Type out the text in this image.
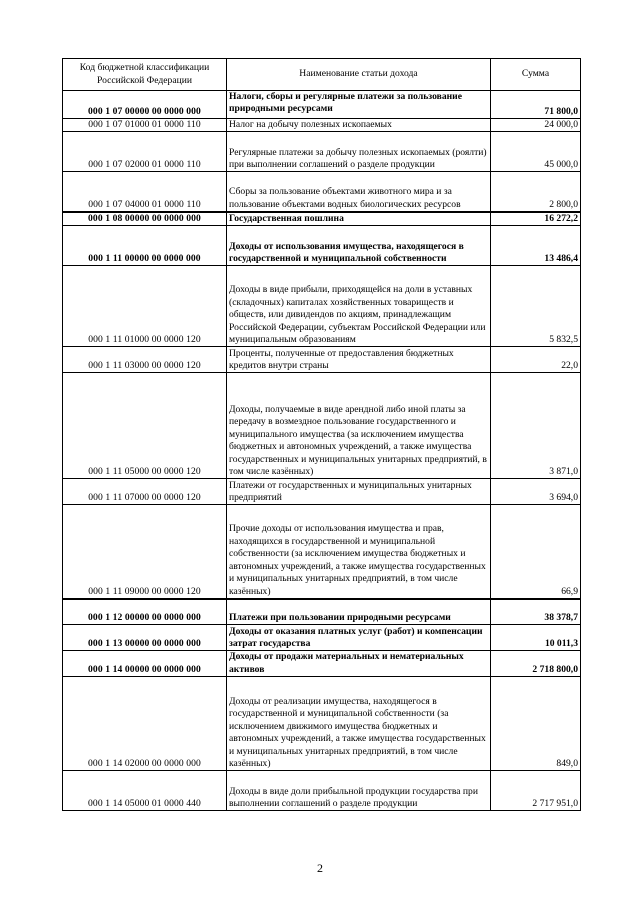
Код бюджетной классификации Российской Федерации	Наименование статьи дохода	Сумма
000 1 07 00000 00 0000 000	Налоги, сборы и регулярные платежи за пользование природными ресурсами	71 800,0
000 1 07 01000 01 0000 110	Налог на добычу полезных ископаемых	24 000,0
000 1 07 02000 01 0000 110	Регулярные платежи за добычу полезных ископаемых (роялти) при выполнении соглашений о разделе продукции	45 000,0
000 1 07 04000 01 0000 110	Сборы за пользование объектами животного мира и за пользование объектами водных биологических ресурсов	2 800,0
000 1 08 00000 00 0000 000	Государственная пошлина	16 272,2
000 1 11 00000 00 0000 000	Доходы от использования имущества, находящегося в государственной и муниципальной собственности	13 486,4
000 1 11 01000 00 0000 120	Доходы в виде прибыли, приходящейся на доли в уставных (складочных) капиталах хозяйственных товариществ и обществ, или дивидендов по акциям, принадлежащим Российской Федерации, субъектам Российской Федерации или муниципальным образованиям	5 832,5
000 1 11 03000 00 0000 120	Проценты, полученные от предоставления бюджетных кредитов внутри страны	22,0
000 1 11 05000 00 0000 120	Доходы, получаемые в виде арендной либо иной платы за передачу в возмездное пользование государственного и муниципального имущества (за исключением имущества бюджетных и автономных учреждений, а также имущества государственных и муниципальных унитарных предприятий, в том числе казённых)	3 871,0
000 1 11 07000 00 0000 120	Платежи от государственных и муниципальных унитарных предприятий	3 694,0
000 1 11 09000 00 0000 120	Прочие доходы от использования имущества и прав, находящихся в государственной и муниципальной собственности (за исключением имущества бюджетных и автономных учреждений, а также имущества государственных и муниципальных унитарных предприятий, в том числе казённых)	66,9
000 1 12 00000 00 0000 000	Платежи при пользовании природными ресурсами	38 378,7
000 1 13 00000 00 0000 000	Доходы от оказания платных услуг (работ) и компенсации затрат государства	10 011,3
000 1 14 00000 00 0000 000	Доходы от продажи материальных и нематериальных активов	2 718 800,0
000 1 14 02000 00 0000 000	Доходы от реализации имущества, находящегося в государственной и муниципальной собственности (за исключением движимого имущества бюджетных и автономных учреждений, а также имущества государственных и муниципальных унитарных предприятий, в том числе казённых)	849,0
000 1 14 05000 01 0000 440	Доходы в виде доли прибыльной продукции государства при выполнении соглашений о разделе продукции	2 717 951,0
2
